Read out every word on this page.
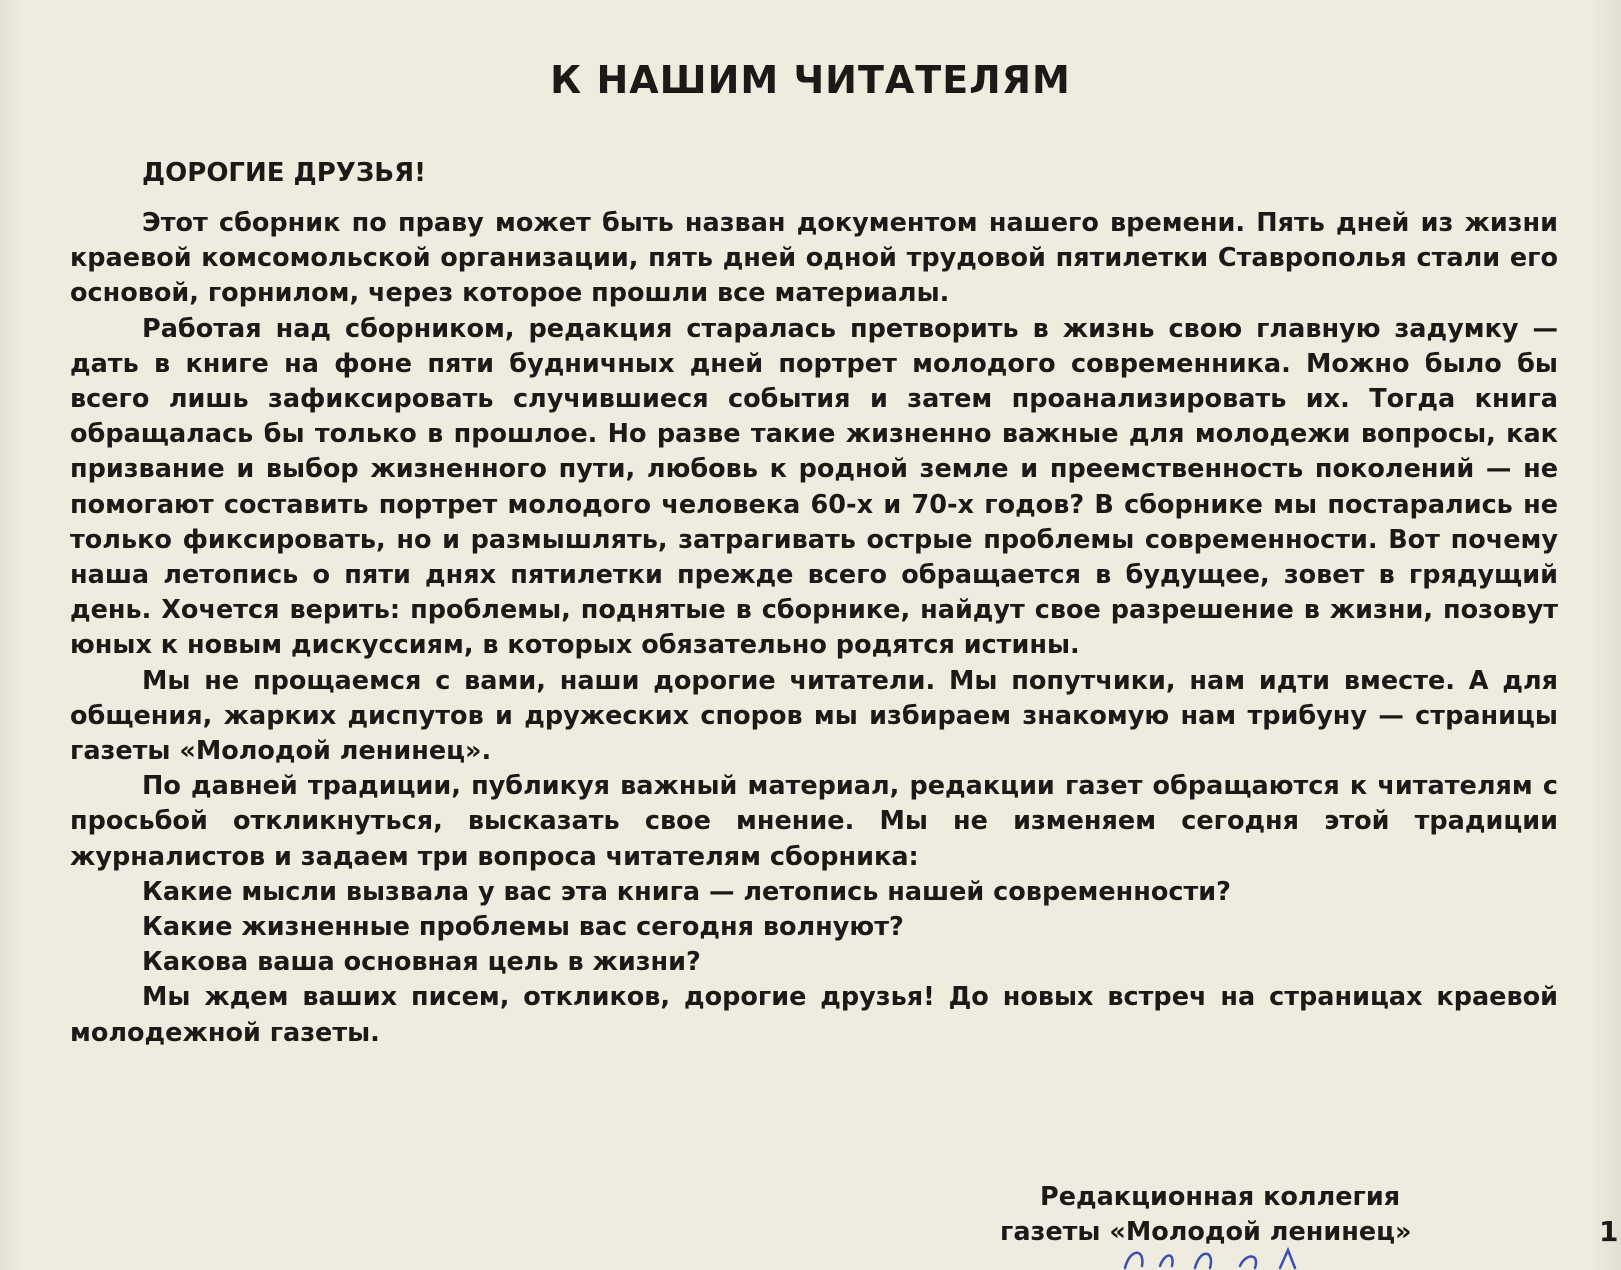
К НАШИМ ЧИТАТЕЛЯМ
ДОРОГИЕ ДРУЗЬЯ!

Этот сборник по праву может быть назван документом нашего времени. Пять дней из жизни краевой комсомольской организации, пять дней одной трудовой пятилетки Ставрополья стали его основой, горнилом, через которое прошли все материалы.

Работая над сборником, редакция старалась претворить в жизнь свою главную задумку — дать в книге на фоне пяти будничных дней портрет молодого современника. Можно было бы всего лишь зафиксировать случившиеся события и затем проанализировать их. Тогда книга обращалась бы только в прошлое. Но разве такие жизненно важные для молодежи вопросы, как призвание и выбор жизненного пути, любовь к родной земле и преемственность поколений — не помогают составить портрет молодого человека 60-х и 70-х годов? В сборнике мы постарались не только фиксировать, но и размышлять, затрагивать острые проблемы современности. Вот почему наша летопись о пяти днях пятилетки прежде всего обращается в будущее, зовет в грядущий день. Хочется верить: проблемы, поднятые в сборнике, найдут свое разрешение в жизни, позовут юных к новым дискуссиям, в которых обязательно родятся истины.

Мы не прощаемся с вами, наши дорогие читатели. Мы попутчики, нам идти вместе. А для общения, жарких диспутов и дружеских споров мы избираем знакомую нам трибуну — страницы газеты «Молодой ленинец».

По давней традиции, публикуя важный материал, редакции газет обращаются к читателям с просьбой откликнуться, высказать свое мнение. Мы не изменяем сегодня этой традиции журналистов и задаем три вопроса читателям сборника:

Какие мысли вызвала у вас эта книга — летопись нашей современности?

Какие жизненные проблемы вас сегодня волнуют?

Какова ваша основная цель в жизни?

Мы ждем ваших писем, откликов, дорогие друзья! До новых встреч на страницах краевой молодежной газеты.

Редакционная коллегия
газеты «Молодой ленинец»	1
